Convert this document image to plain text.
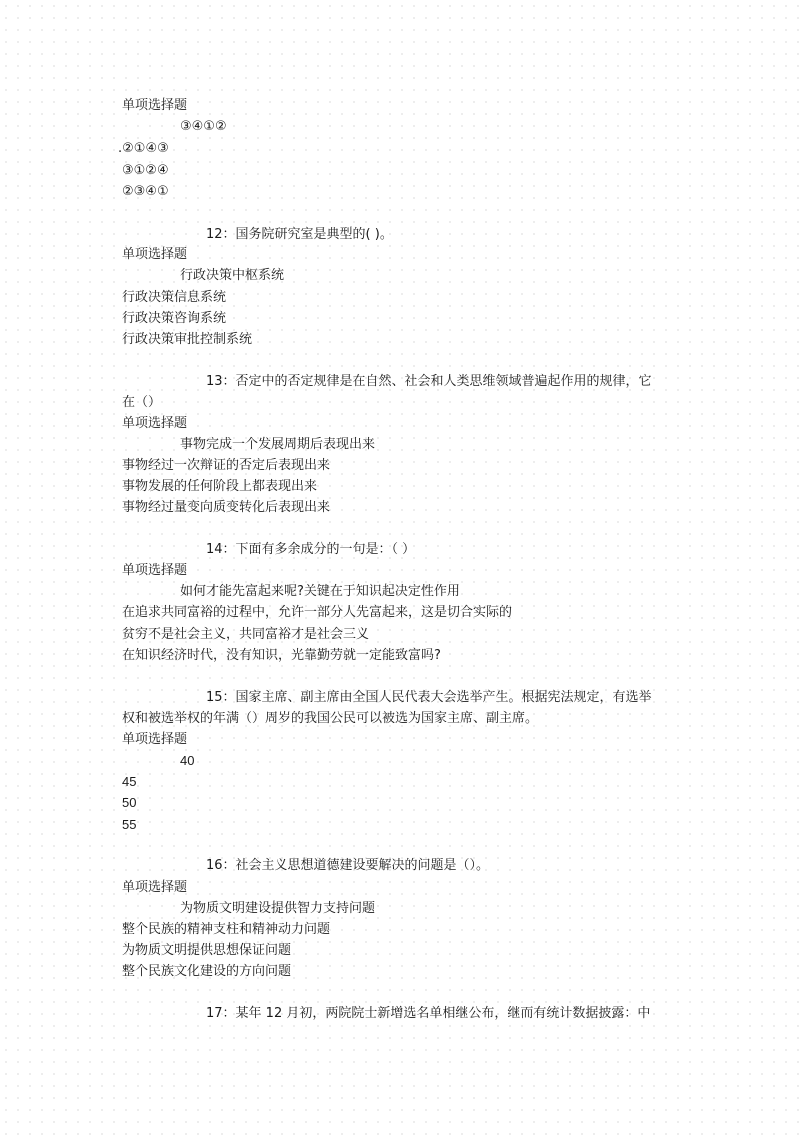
单项选择题
③④①②
.②①④③
③①②④
②③④①
12：国务院研究室是典型的( )。
单项选择题
行政决策中枢系统
行政决策信息系统
行政决策咨询系统
行政决策审批控制系统
13：否定中的否定规律是在自然、社会和人类思维领域普遍起作用的规律，它
在（）
单项选择题
事物完成一个发展周期后表现出来
事物经过一次辩证的否定后表现出来
事物发展的任何阶段上都表现出来
事物经过量变向质变转化后表现出来
14：下面有多余成分的一句是：（ ）
单项选择题
如何才能先富起来呢?关键在于知识起决定性作用
在追求共同富裕的过程中，允许一部分人先富起来，这是切合实际的
贫穷不是社会主义，共同富裕才是社会三义
在知识经济时代，没有知识，光靠勤劳就一定能致富吗?
15：国家主席、副主席由全国人民代表大会选举产生。根据宪法规定，有选举
权和被选举权的年满（）周岁的我国公民可以被选为国家主席、副主席。
单项选择题
40
45
50
55
16：社会主义思想道德建设要解决的问题是（）。
单项选择题
为物质文明建设提供智力支持问题
整个民族的精神支柱和精神动力问题
为物质文明提供思想保证问题
整个民族文化建设的方向问题
17：某年 12 月初，两院院士新增选名单相继公布，继而有统计数据披露：中
